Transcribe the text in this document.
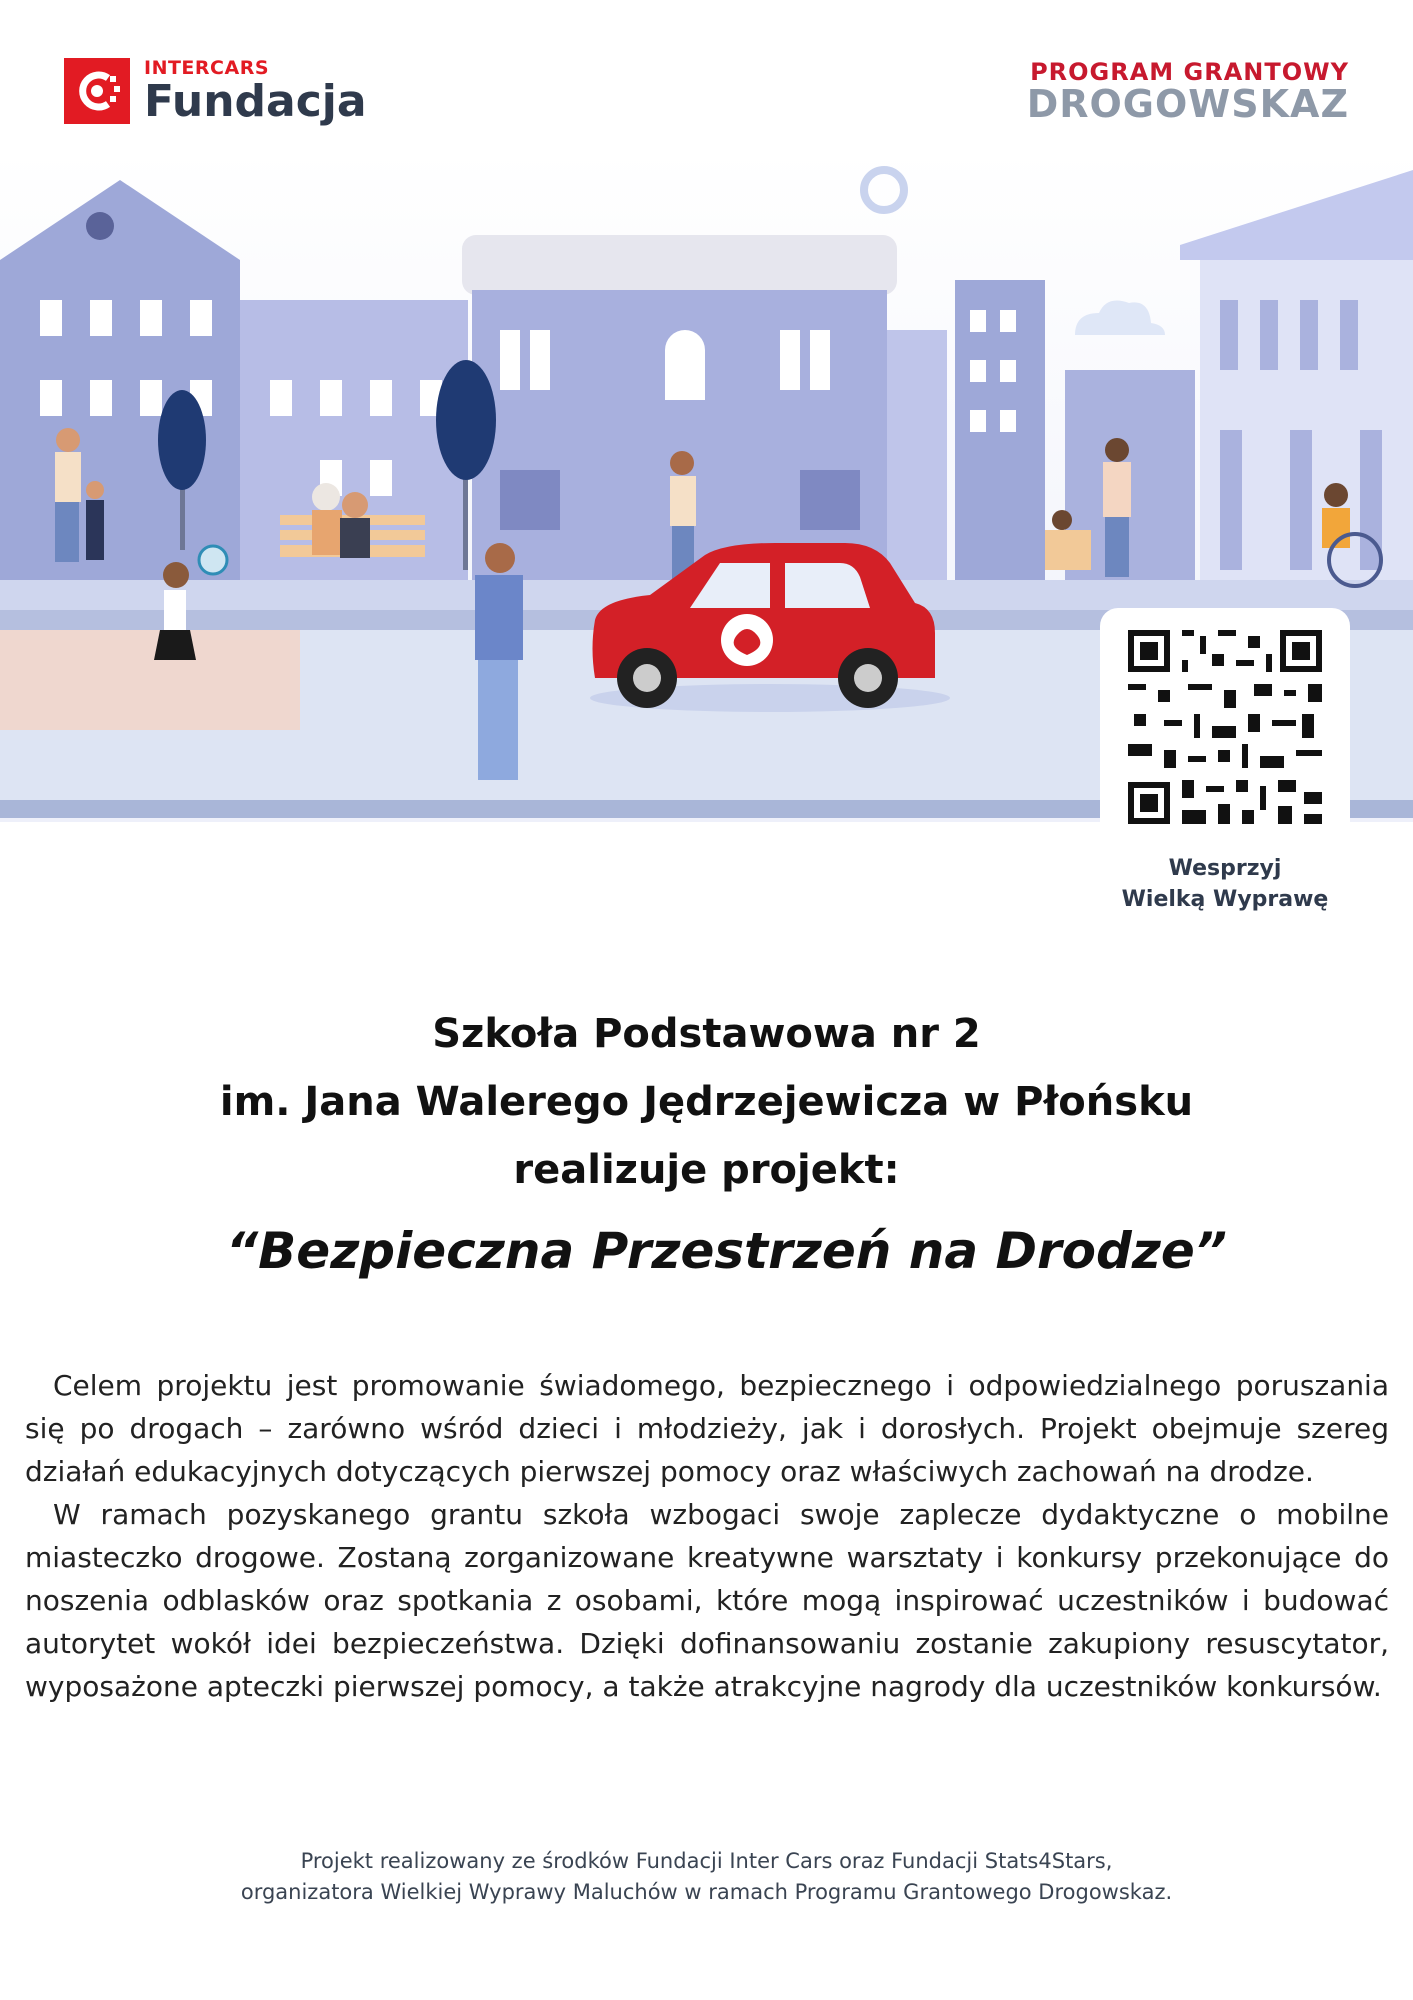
INTERCARS
Fundacja
PROGRAM GRANTOWY
DROGOWSKAZ
Wesprzyj
Wielką Wyprawę
Szkoła Podstawowa nr 2
im. Jana Walerego Jędrzejewicza w Płońsku
realizuje projekt:
“Bezpieczna Przestrzeń na Drodze”

Celem projektu jest promowanie świadomego, bezpiecznego i odpowiedzialnego poruszania się po drogach – zarówno wśród dzieci i młodzieży, jak i dorosłych. Projekt obejmuje szereg działań edukacyjnych dotyczących pierwszej pomocy oraz właściwych zachowań na drodze.

W ramach pozyskanego grantu szkoła wzbogaci swoje zaplecze dydaktyczne o mobilne miasteczko drogowe. Zostaną zorganizowane kreatywne warsztaty i konkursy przekonujące do noszenia odblasków oraz spotkania z osobami, które mogą inspirować uczestników i budować autorytet wokół idei bezpieczeństwa. Dzięki dofinansowaniu zostanie zakupiony resuscytator, wyposażone apteczki pierwszej pomocy, a także atrakcyjne nagrody dla uczestników konkursów.

Projekt realizowany ze środków Fundacji Inter Cars oraz Fundacji Stats4Stars,
organizatora Wielkiej Wyprawy Maluchów w ramach Programu Grantowego Drogowskaz.
